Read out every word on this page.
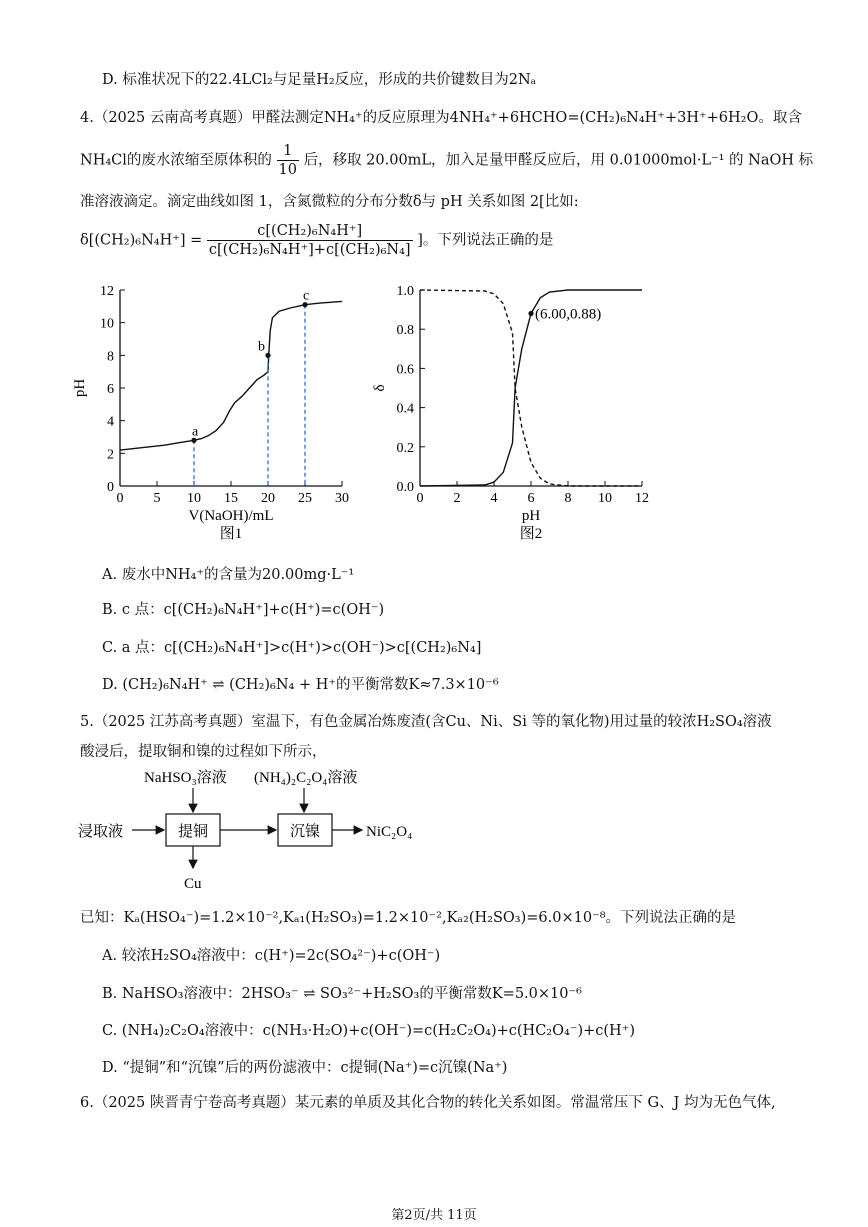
D. 标准状况下的22.4LCl₂与足量H₂反应，形成的共价键数目为2Nₐ
4.（2025 云南高考真题）甲醛法测定NH₄⁺的反应原理为4NH₄⁺+6HCHO=(CH₂)₆N₄H⁺+3H⁺+6H₂O。取含
NH₄Cl的废水浓缩至原体积的 $\frac{1}{10}$ 后，移取 20.00mL，加入足量甲醛反应后，用 0.01000mol·L⁻¹ 的 NaOH 标
准溶液滴定。滴定曲线如图 1，含氮微粒的分布分数δ与 pH 关系如图 2[比如:
$\delta[(CH_2)_6N_4H^+] = \frac{\text{c[(CH₂)₆N₄H⁺]}}{\text{c[(CH₂)₆N₄H⁺]+c[(CH₂)₆N₄]}}$ ]。下列说法正确的是
0 5 10 15 20 25 30
0
2
4
6
8
10
12
V(NaOH)/mL
pH
图1
a
b
c
0 2 4 6 8 10 12
0.0
0.2
0.4
0.6
0.8
1.0
pH
δ
图2
(6.00,0.88)
A. 废水中NH₄⁺的含量为20.00mg·L⁻¹
B. c 点：c[(CH₂)₆N₄H⁺]+c(H⁺)=c(OH⁻)
C. a 点：c[(CH₂)₆N₄H⁺]>c(H⁺)>c(OH⁻)>c[(CH₂)₆N₄]
D. (CH₂)₆N₄H⁺ ⇌ (CH₂)₆N₄ + H⁺的平衡常数K≈7.3×10⁻⁶
5.（2025 江苏高考真题）室温下，有色金属冶炼废渣(含Cu、Ni、Si 等的氧化物)用过量的较浓H₂SO₄溶液
酸浸后，提取铜和镍的过程如下所示，
NaHSO₃溶液 (NH₄)₂C₂O₄溶液
浸取液	提铜	沉镍	NiC₂O₄
Cu
已知：Kₐ(HSO₄⁻)=1.2×10⁻²,Kₐ₁(H₂SO₃)=1.2×10⁻²,Kₐ₂(H₂SO₃)=6.0×10⁻⁸。下列说法正确的是
A. 较浓H₂SO₄溶液中：c(H⁺)=2c(SO₄²⁻)+c(OH⁻)
B. NaHSO₃溶液中：2HSO₃⁻ ⇌ SO₃²⁻+H₂SO₃的平衡常数K=5.0×10⁻⁶
C. (NH₄)₂C₂O₄溶液中：c(NH₃·H₂O)+c(OH⁻)=c(H₂C₂O₄)+c(HC₂O₄⁻)+c(H⁺)
D. “提铜”和“沉镍”后的两份滤液中：c提铜(Na⁺)=c沉镍(Na⁺)
6.（2025 陕晋青宁卷高考真题）某元素的单质及其化合物的转化关系如图。常温常压下 G、J 均为无色气体,
第2页/共 11页
